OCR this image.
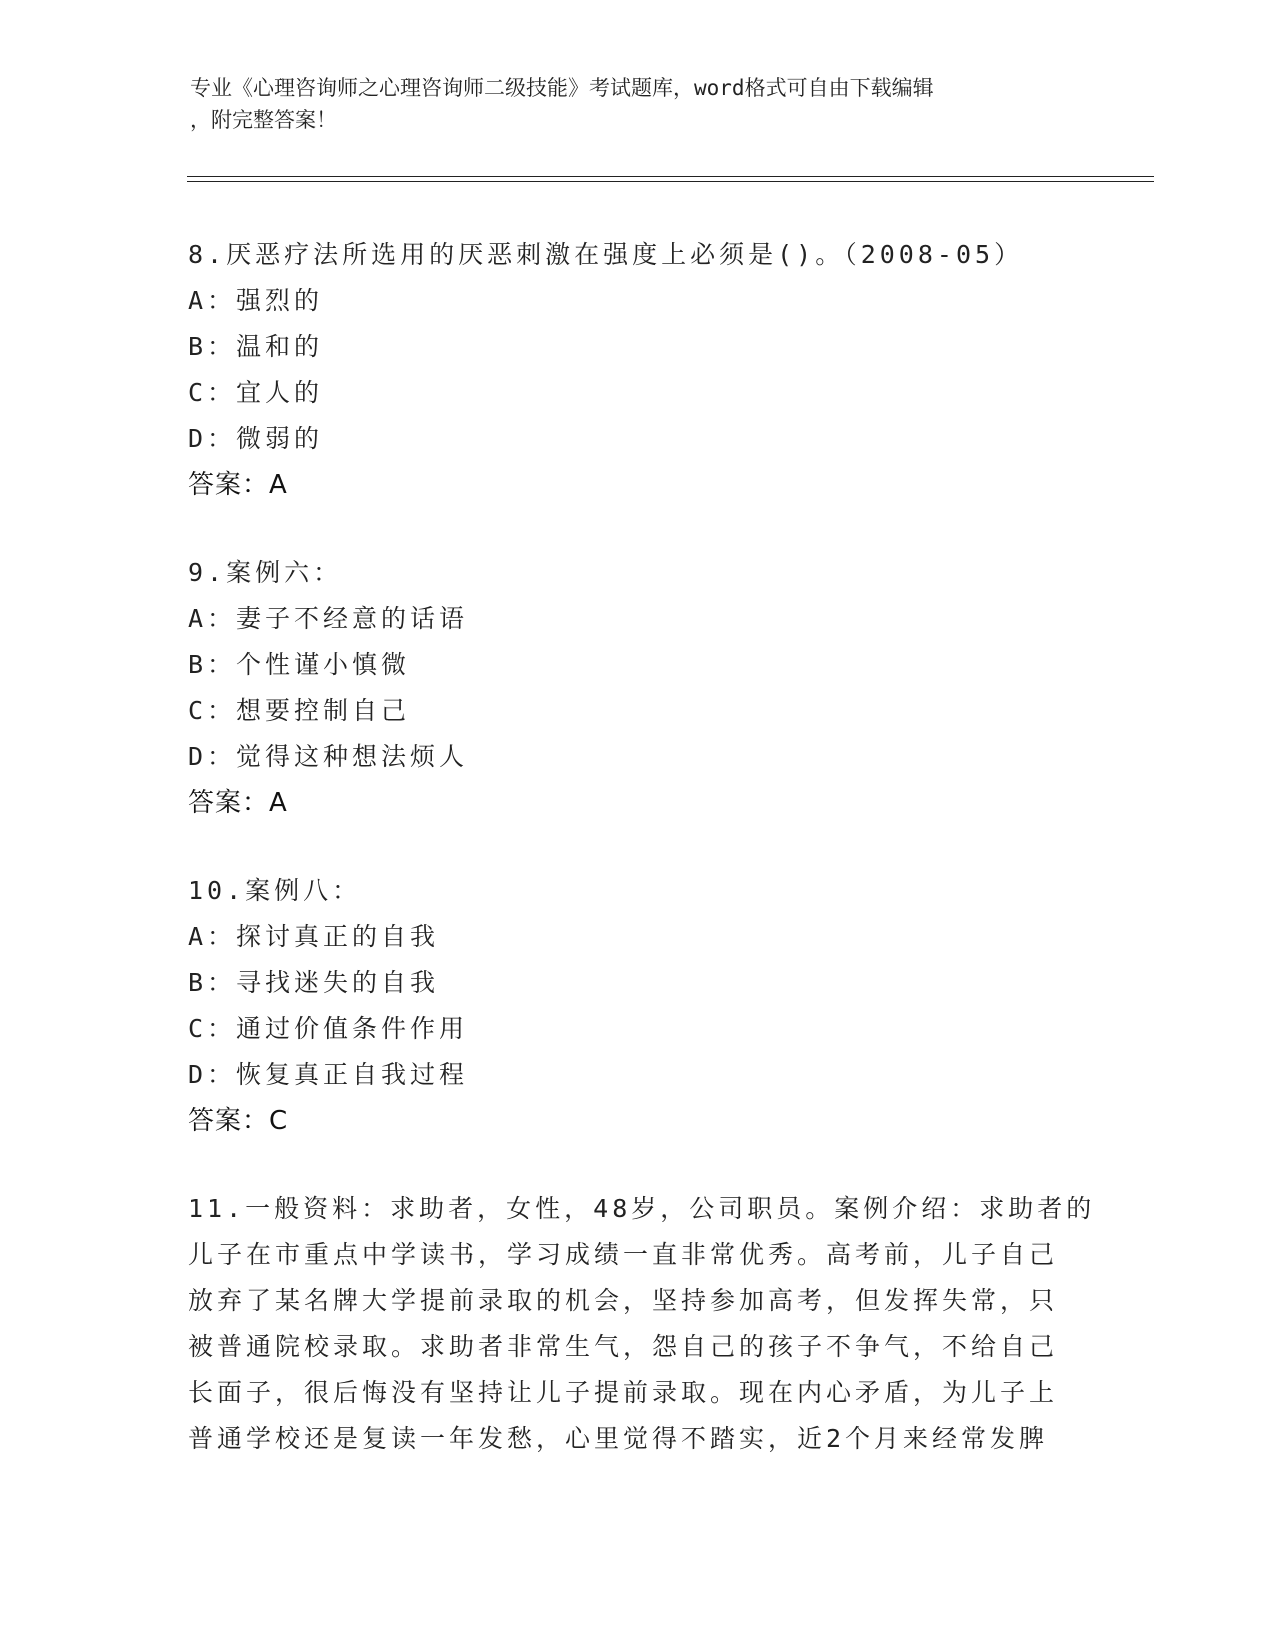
专业《心理咨询师之心理咨询师二级技能》考试题库，word格式可自由下载编辑
，附完整答案！
8.厌恶疗法所选用的厌恶刺激在强度上必须是()。（2008-05）
A：强烈的
B：温和的
C：宜人的
D：微弱的
答案：A
9.案例六：
A：妻子不经意的话语
B：个性谨小慎微
C：想要控制自己
D：觉得这种想法烦人
答案：A
10.案例八：
A：探讨真正的自我
B：寻找迷失的自我
C：通过价值条件作用
D：恢复真正自我过程
答案：C
11.一般资料：求助者，女性，48岁，公司职员。案例介绍：求助者的
儿子在市重点中学读书，学习成绩一直非常优秀。高考前，儿子自己
放弃了某名牌大学提前录取的机会，坚持参加高考，但发挥失常，只
被普通院校录取。求助者非常生气，怨自己的孩子不争气，不给自己
长面子，很后悔没有坚持让儿子提前录取。现在内心矛盾，为儿子上
普通学校还是复读一年发愁，心里觉得不踏实，近2个月来经常发脾
